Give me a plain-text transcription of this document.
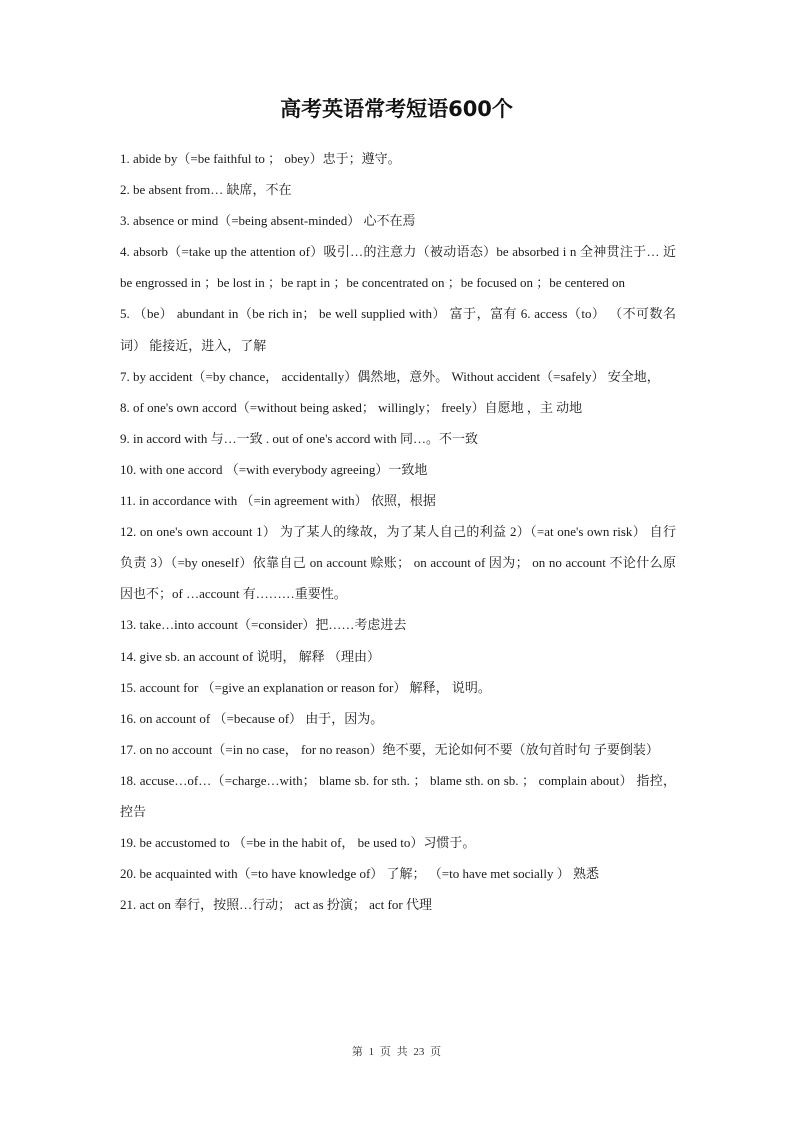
高考英语常考短语600个

1. abide by（=be faithful to ； obey）忠于；遵守。

2. be absent from… 缺席，不在

3. absence or mind（=being absent-minded） 心不在焉

4. absorb（=take up the attention of）吸引…的注意力（被动语态）be absorbed i n 全神贯注于… 近 be engrossed in ；be lost in ；be rapt in ；be concentrated on ；be focused on ；be centered on

5. （be） abundant in（be rich in； be well supplied with） 富于，富有 6. access（to） （不可数名词） 能接近，进入，了解

7. by accident（=by chance， accidentally）偶然地，意外。 Without accident（=safely） 安全地，

8. of one's own accord（=without being asked； willingly； freely）自愿地 ，主 动地

9. in accord with 与…一致 . out of one's accord with 同…。不一致

10. with one accord （=with everybody agreeing）一致地

11. in accordance with （=in agreement with） 依照，根据

12. on one's own account 1） 为了某人的缘故，为了某人自己的利益 2）（=at one's own risk） 自行负责 3）（=by oneself）依靠自己 on account 赊账； on account of 因为； on no account 不论什么原因也不；of …account 有………重要性。

13. take…into account（=consider）把……考虑进去

14. give sb. an account of 说明， 解释 （理由）

15. account for （=give an explanation or reason for） 解释， 说明。

16. on account of （=because of） 由于，因为。

17. on no account（=in no case， for no reason）绝不要，无论如何不要（放句首时句 子要倒装）

18. accuse…of…（=charge…with； blame sb. for sth. ； blame sth. on sb. ； complain about） 指控，控告

19. be accustomed to （=be in the habit of， be used to）习惯于。

20. be acquainted with（=to have knowledge of） 了解； （=to have met socially ） 熟悉

21. act on 奉行，按照…行动； act as 扮演； act for 代理

第 1 页 共 23 页
